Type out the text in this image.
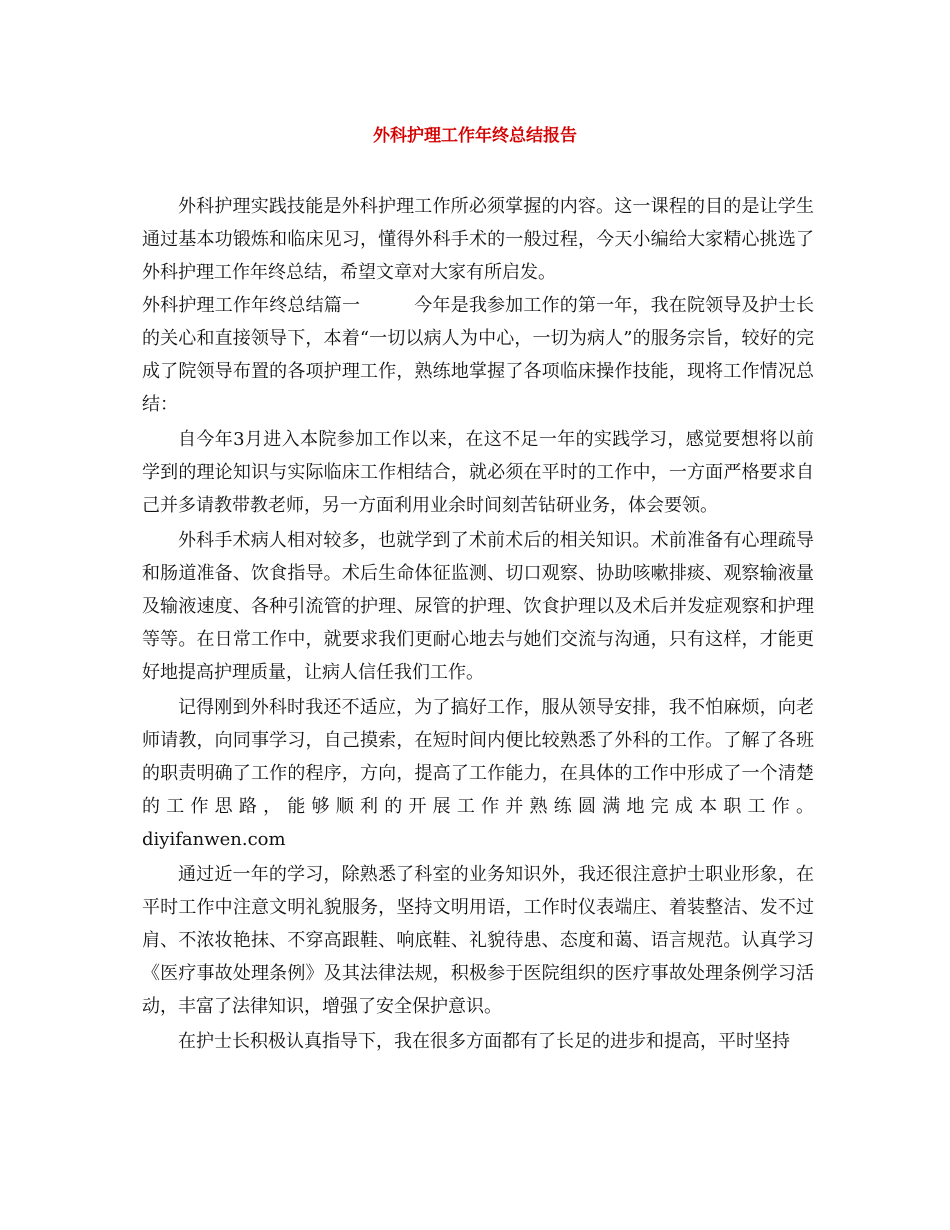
外科护理工作年终总结报告

外科护理实践技能是外科护理工作所必须掌握的内容。这一课程的目的是让学生通过基本功锻炼和临床见习，懂得外科手术的一般过程，今天小编给大家精心挑选了外科护理工作年终总结，希望文章对大家有所启发。

外科护理工作年终总结篇一	今年是我参加工作的第一年，我在院领导及护士长的关心和直接领导下，本着“一切以病人为中心，一切为病人”的服务宗旨，较好的完成了院领导布置的各项护理工作，熟练地掌握了各项临床操作技能，现将工作情况总结：

自今年3月进入本院参加工作以来，在这不足一年的实践学习，感觉要想将以前学到的理论知识与实际临床工作相结合，就必须在平时的工作中，一方面严格要求自己并多请教带教老师，另一方面利用业余时间刻苦钻研业务，体会要领。

外科手术病人相对较多，也就学到了术前术后的相关知识。术前准备有心理疏导和肠道准备、饮食指导。术后生命体征监测、切口观察、协助咳嗽排痰、观察输液量及输液速度、各种引流管的护理、尿管的护理、饮食护理以及术后并发症观察和护理等等。在日常工作中，就要求我们更耐心地去与她们交流与沟通，只有这样，才能更好地提高护理质量，让病人信任我们工作。

记得刚到外科时我还不适应，为了搞好工作，服从领导安排，我不怕麻烦，向老师请教，向同事学习，自己摸索，在短时间内便比较熟悉了外科的工作。了解了各班的职责明确了工作的程序，方向，提高了工作能力，在具体的工作中形成了一个清楚的工作思路，能够顺利的开展工作并熟练圆满地完成本职工作。

diyifanwen.com

通过近一年的学习，除熟悉了科室的业务知识外，我还很注意护士职业形象，在平时工作中注意文明礼貌服务，坚持文明用语，工作时仪表端庄、着装整洁、发不过肩、不浓妆艳抹、不穿高跟鞋、响底鞋、礼貌待患、态度和蔼、语言规范。认真学习《医疗事故处理条例》及其法律法规，积极参于医院组织的医疗事故处理条例学习活动，丰富了法律知识，增强了安全保护意识。

在护士长积极认真指导下，我在很多方面都有了长足的进步和提高，平时坚持
